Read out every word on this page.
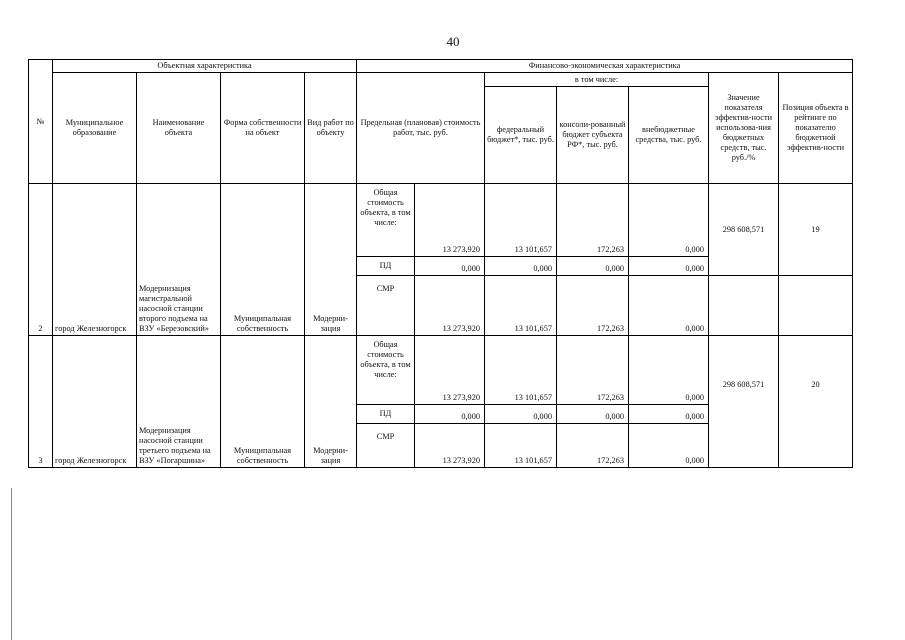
40
№	Объектная характеристика				Финансово-экономическая характеристика						
	Муниципальное образование	Наименование объекта	Форма собственности на объект	Вид работ по объекту	Предельная (плановая) стоимость работ, тыс. руб.		в том числе:			Значение показателя эффектив-ности использова-ния бюджетных средств, тыс. руб./%	Позиция объекта в рейтинге по показателю бюджетной эффектив-ности
							федеральный бюджет*, тыс. руб.	консоли-рованный бюджет субъекта РФ*, тыс. руб.	внебюджетные средства, тыс. руб.		
2	город Железногорск	Модернизация магистральной насосной станции второго подъема на ВЗУ «Березовский»	Муниципальная собственность	Модерни-зация	Общая стоимость объекта, в том числе:	13 273,920	13 101,657	172,263	0,000	298 608,571	19
					ПД	0,000	0,000	0,000	0,000		
					СМР	13 273,920	13 101,657	172,263	0,000		
3	город Железногорск	Модернизация насосной станции третьего подъема на ВЗУ «Погаршина»	Муниципальная собственность	Модерни-зация	Общая стоимость объекта, в том числе:	13 273,920	13 101,657	172,263	0,000	298 608,571	20
					ПД	0,000	0,000	0,000	0,000		
					СМР	13 273,920	13 101,657	172,263	0,000		
